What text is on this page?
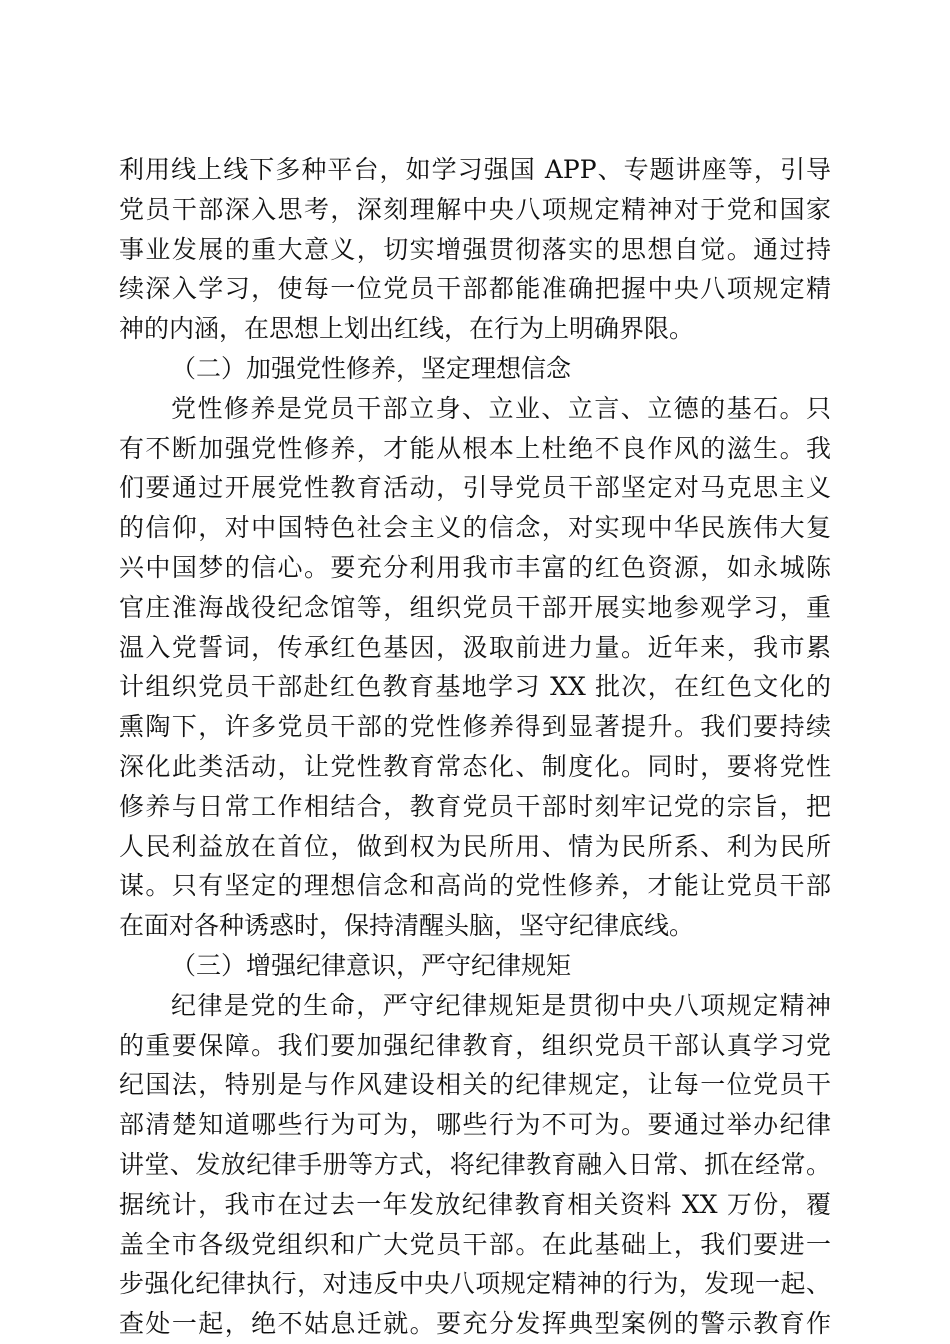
利用线上线下多种平台，如学习强国 APP、专题讲座等，引导
党员干部深入思考，深刻理解中央八项规定精神对于党和国家
事业发展的重大意义，切实增强贯彻落实的思想自觉。通过持
续深入学习，使每一位党员干部都能准确把握中央八项规定精
神的内涵，在思想上划出红线，在行为上明确界限。
（二）加强党性修养，坚定理想信念
党性修养是党员干部立身、立业、立言、立德的基石。只
有不断加强党性修养，才能从根本上杜绝不良作风的滋生。我
们要通过开展党性教育活动，引导党员干部坚定对马克思主义
的信仰，对中国特色社会主义的信念，对实现中华民族伟大复
兴中国梦的信心。要充分利用我市丰富的红色资源，如永城陈
官庄淮海战役纪念馆等，组织党员干部开展实地参观学习，重
温入党誓词，传承红色基因，汲取前进力量。近年来，我市累
计组织党员干部赴红色教育基地学习 XX 批次，在红色文化的
熏陶下，许多党员干部的党性修养得到显著提升。我们要持续
深化此类活动，让党性教育常态化、制度化。同时，要将党性
修养与日常工作相结合，教育党员干部时刻牢记党的宗旨，把
人民利益放在首位，做到权为民所用、情为民所系、利为民所
谋。只有坚定的理想信念和高尚的党性修养，才能让党员干部
在面对各种诱惑时，保持清醒头脑，坚守纪律底线。
（三）增强纪律意识，严守纪律规矩
纪律是党的生命，严守纪律规矩是贯彻中央八项规定精神
的重要保障。我们要加强纪律教育，组织党员干部认真学习党
纪国法，特别是与作风建设相关的纪律规定，让每一位党员干
部清楚知道哪些行为可为，哪些行为不可为。要通过举办纪律
讲堂、发放纪律手册等方式，将纪律教育融入日常、抓在经常。
据统计，我市在过去一年发放纪律教育相关资料 XX 万份，覆
盖全市各级党组织和广大党员干部。在此基础上，我们要进一
步强化纪律执行，对违反中央八项规定精神的行为，发现一起、
查处一起，绝不姑息迁就。要充分发挥典型案例的警示教育作
